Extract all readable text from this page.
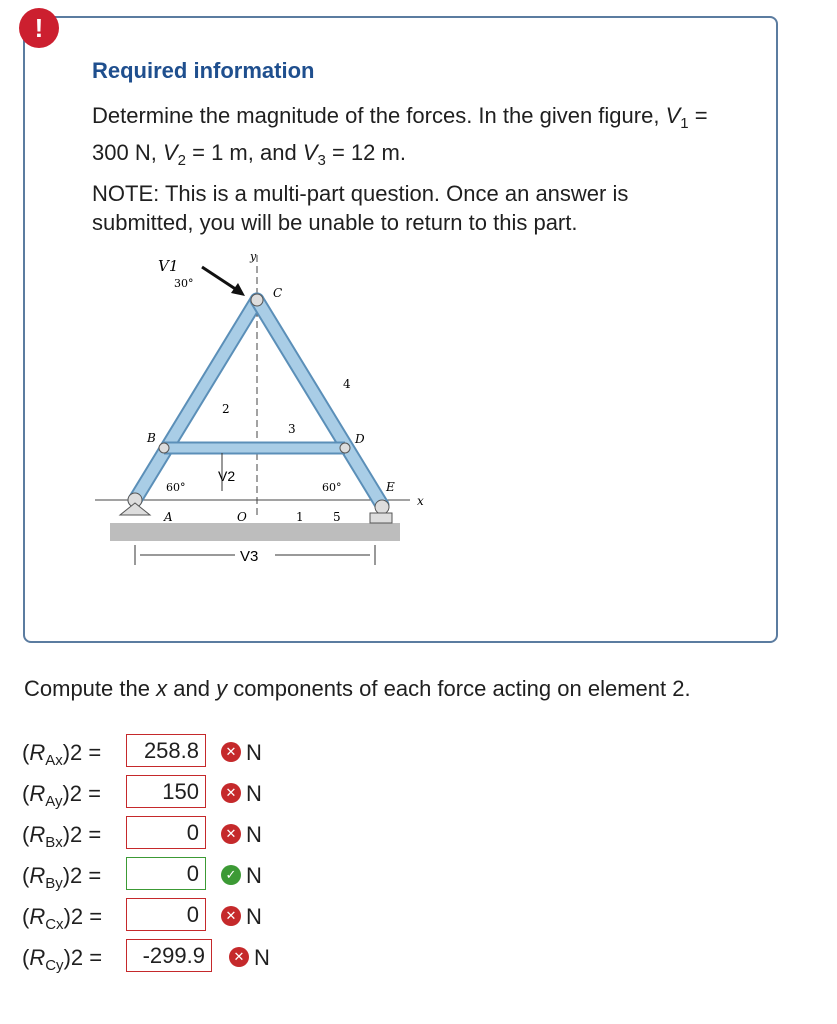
!
Required information

Determine the magnitude of the forces. In the given figure, $V_1 = 300$ N, $V_2 = 1$ m, and $V_3 = 12$ m.

NOTE: This is a multi-part question. Once an answer is submitted, you will be unable to return to this part.

V1
30°
y
C
B	D
A	O
E
x
2
3
4
1 5
60°	60°
V2
V3
Compute the x and y components of each force acting on element 2.
$(R_{Ax})2$ =	258.8	✕ N
$(R_{Ay})2$ =	150	✕ N
$(R_{Bx})2$ =	0	✕ N
$(R_{By})2$ =	0	✓ N
$(R_{Cx})2$ =	0	✕ N
$(R_{Cy})2$ =	-299.9	✕ N
